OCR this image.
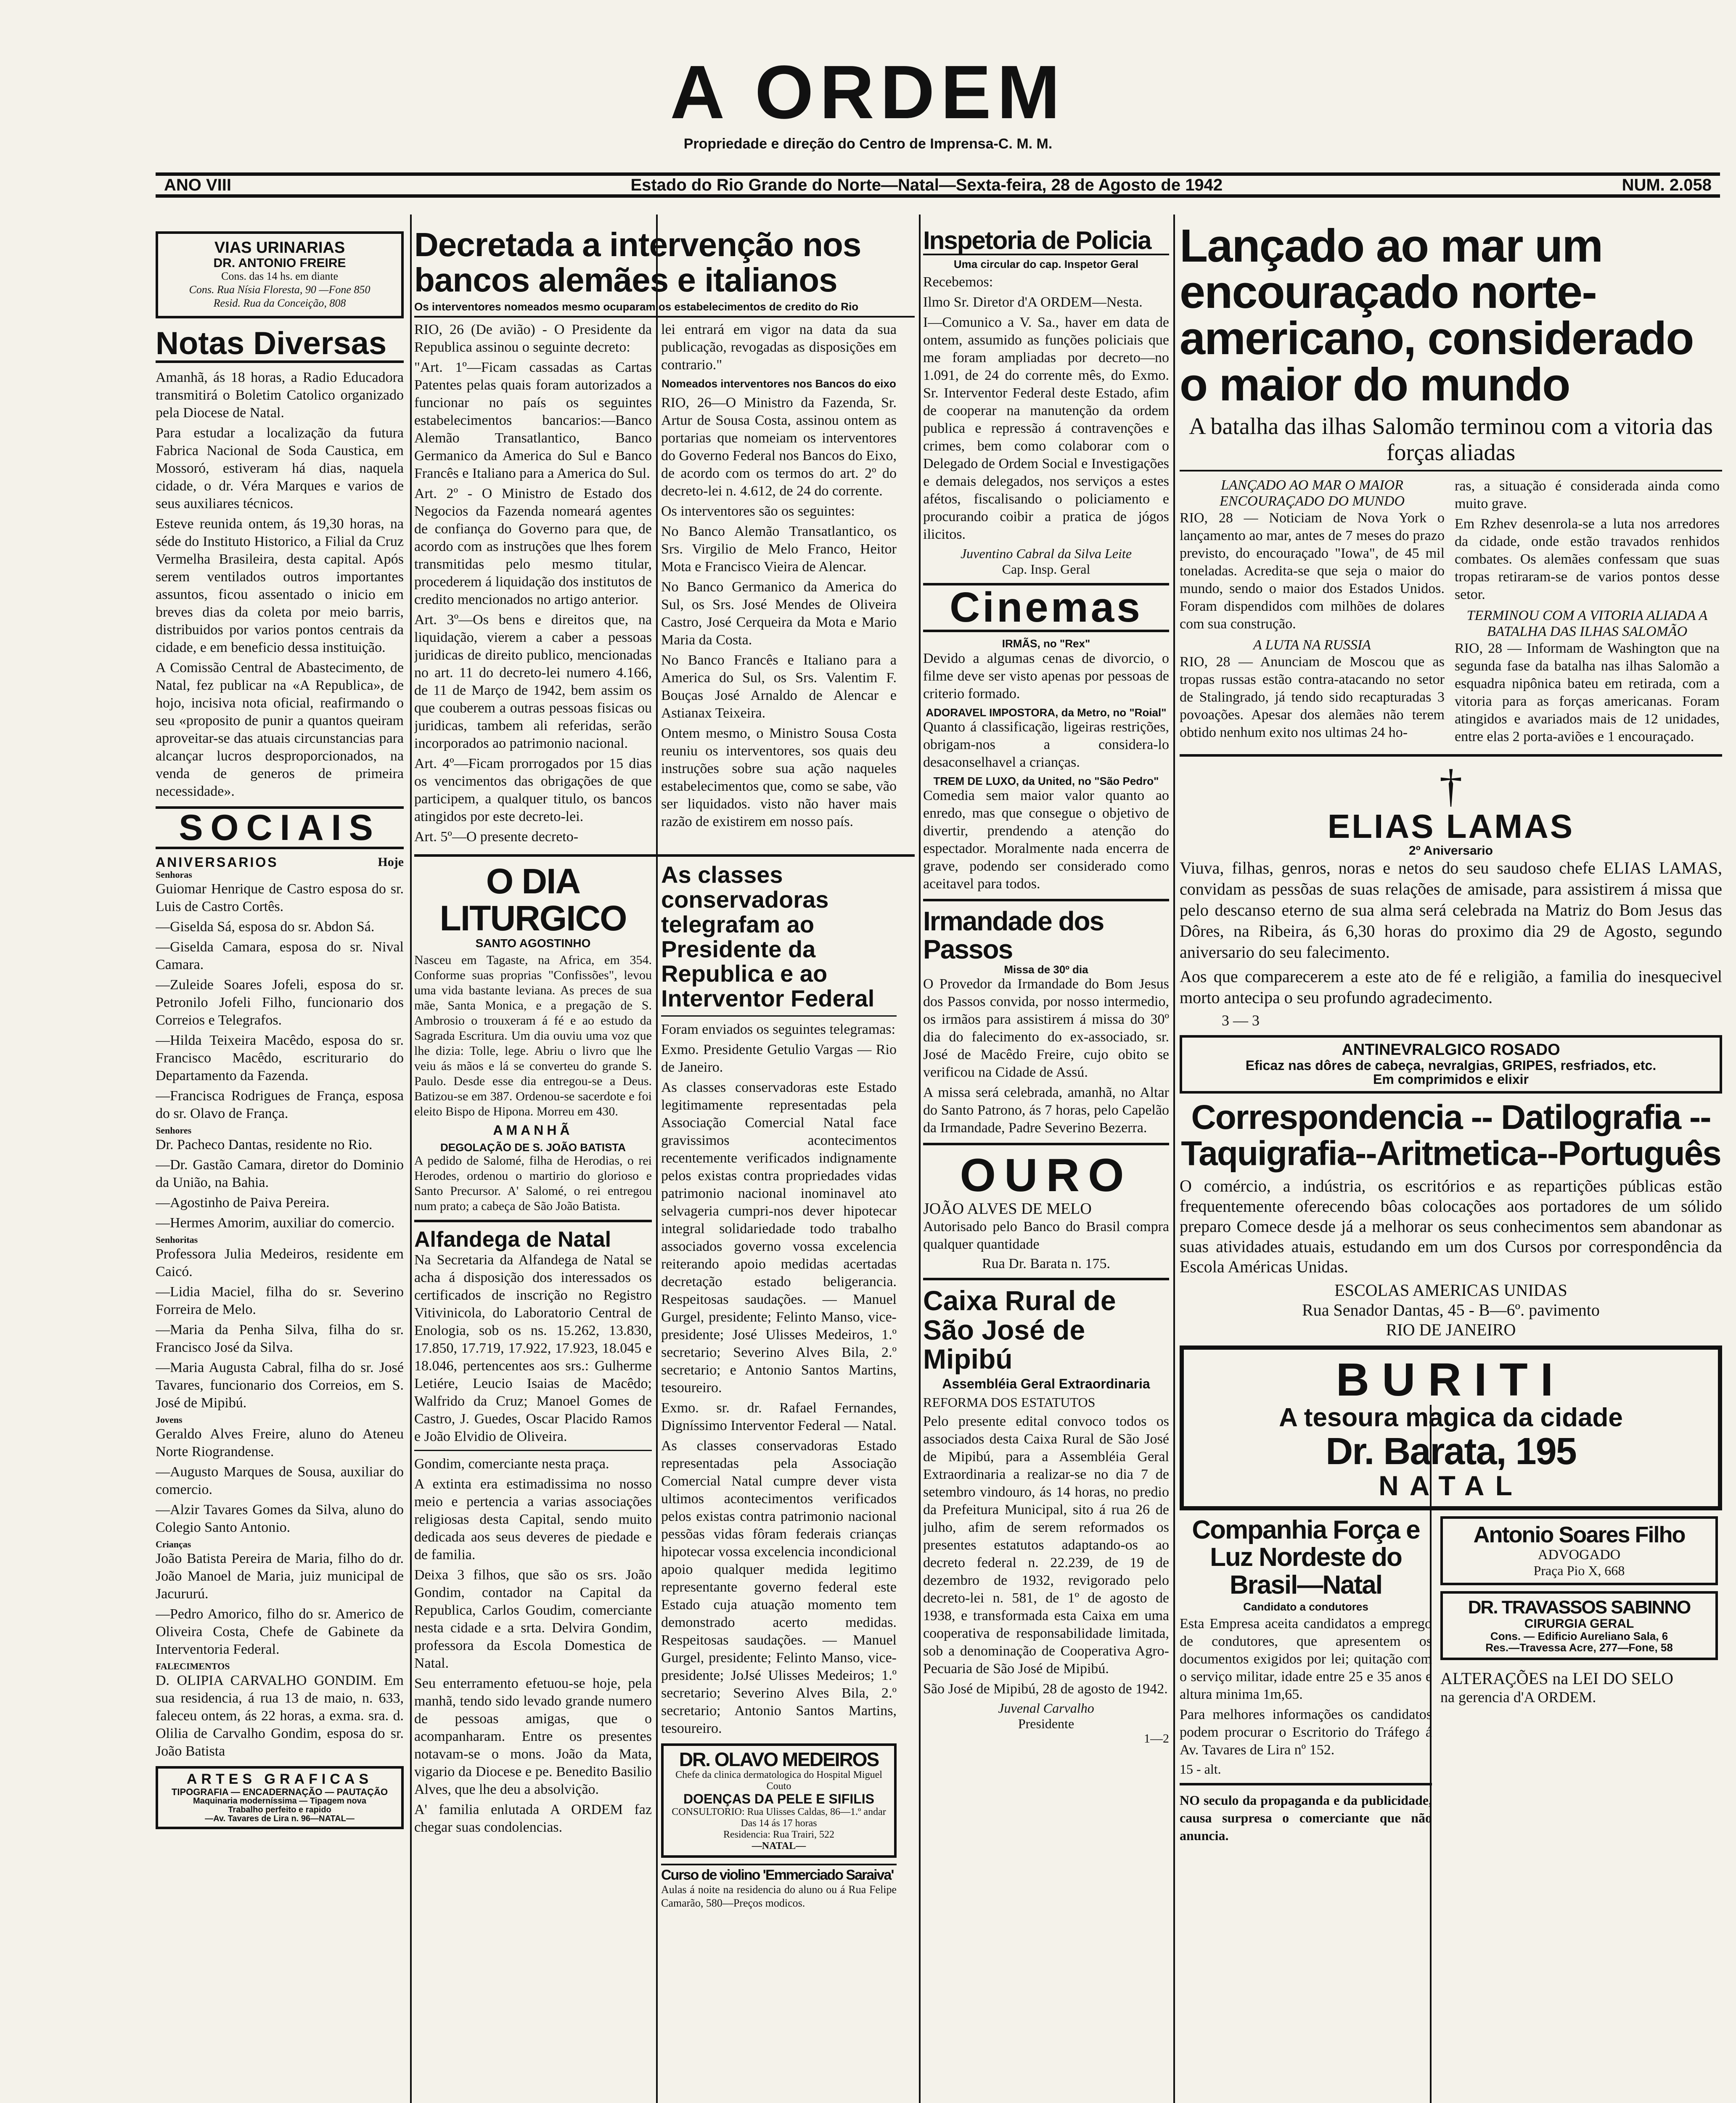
A ORDEM
Propriedade e direção do Centro de Imprensa-C. M. M.
ANO VIII	Estado do Rio Grande do Norte—Natal—Sexta-feira, 28 de Agosto de 1942	NUM. 2.058
VIAS URINARIAS
DR. ANTONIO FREIRE
Cons. das 14 hs. em diante
Cons. Rua Nísia Floresta, 90 —Fone 850
Resid. Rua da Conceição, 808
Notas Diversas

Amanhã, ás 18 horas, a Radio Educadora transmitirá o Boletim Catolico organizado pela Diocese de Natal.

Para estudar a localização da futura Fabrica Nacional de Soda Caustica, em Mossoró, estiveram há dias, naquela cidade, o dr. Véra Marques e varios de seus auxiliares técnicos.

Esteve reunida ontem, ás 19,30 horas, na séde do Instituto Historico, a Filial da Cruz Vermelha Brasileira, desta capital. Após serem ventilados outros importantes assuntos, ficou assentado o inicio em breves dias da coleta por meio barris, distribuidos por varios pontos centrais da cidade, e em beneficio dessa instituição.

A Comissão Central de Abastecimento, de Natal, fez publicar na «A Republica», de hojo, incisiva nota oficial, reafirmando o seu «proposito de punir a quantos queiram aproveitar-se das atuais circunstancias para alcançar lucros desproporcionados, na venda de generos de primeira necessidade».

SOCIAIS
ANIVERSARIOS	Hoje
Senhoras

Guiomar Henrique de Castro esposa do sr. Luis de Castro Cortês.

—Giselda Sá, esposa do sr. Abdon Sá.

—Giselda Camara, esposa do sr. Nival Camara.

—Zuleide Soares Jofeli, esposa do sr. Petronilo Jofeli Filho, funcionario dos Correios e Telegrafos.

—Hilda Teixeira Macêdo, esposa do sr. Francisco Macêdo, escriturario do Departamento da Fazenda.

—Francisca Rodrigues de França, esposa do sr. Olavo de França.

Senhores

Dr. Pacheco Dantas, residente no Rio.

—Dr. Gastão Camara, diretor do Dominio da União, na Bahia.

—Agostinho de Paiva Pereira.

—Hermes Amorim, auxiliar do comercio.

Senhoritas

Professora Julia Medeiros, residente em Caicó.

—Lidia Maciel, filha do sr. Severino Forreira de Melo.

—Maria da Penha Silva, filha do sr. Francisco José da Silva.

—Maria Augusta Cabral, filha do sr. José Tavares, funcionario dos Correios, em S. José de Mipibú.

Jovens

Geraldo Alves Freire, aluno do Ateneu Norte Riograndense.

—Augusto Marques de Sousa, auxiliar do comercio.

—Alzir Tavares Gomes da Silva, aluno do Colegio Santo Antonio.

Crianças

João Batista Pereira de Maria, filho do dr. João Manoel de Maria, juiz municipal de Jacururú.

—Pedro Amorico, filho do sr. Americo de Oliveira Costa, Chefe de Gabinete da Interventoria Federal.

FALECIMENTOS

D. OLIPIA CARVALHO GONDIM. Em sua residencia, á rua 13 de maio, n. 633, faleceu ontem, ás 22 horas, a exma. sra. d. Olilia de Carvalho Gondim, esposa do sr. João Batista

ARTES GRAFICAS
TIPOGRAFIA — ENCADERNAÇÃO — PAUTAÇÃO
Maquinaria moderníssima — Tipagem nova
Trabalho perfeito e rapido
—Av. Tavares de Lira n. 96—NATAL—
Decretada a intervenção nos bancos alemães e italianos
Os interventores nomeados mesmo ocuparam os estabelecimentos de credito do Rio

RIO, 26 (De avião) - O Presidente da Republica assinou o seguinte decreto:

"Art. 1º—Ficam cassadas as Cartas Patentes pelas quais foram autorizados a funcionar no país os seguintes estabelecimentos bancarios:—Banco Alemão Transatlantico, Banco Germanico da America do Sul e Banco Francês e Italiano para a America do Sul.

Art. 2º - O Ministro de Estado dos Negocios da Fazenda nomeará agentes de confiança do Governo para que, de acordo com as instruções que lhes forem transmitidas pelo mesmo titular, procederem á liquidação dos institutos de credito mencionados no artigo anterior.

Art. 3º—Os bens e direitos que, na liquidação, vierem a caber a pessoas juridicas de direito publico, mencionadas no art. 11 do decreto-lei numero 4.166, de 11 de Março de 1942, bem assim os que couberem a outras pessoas fisicas ou juridicas, tambem ali referidas, serão incorporados ao patrimonio nacional.

Art. 4º—Ficam prorrogados por 15 dias os vencimentos das obrigações de que participem, a qualquer titulo, os bancos atingidos por este decreto-lei.

Art. 5º—O presente decreto-

lei entrará em vigor na data da sua publicação, revogadas as disposições em contrario."

Nomeados interventores nos Bancos do eixo

RIO, 26—O Ministro da Fazenda, Sr. Artur de Sousa Costa, assinou ontem as portarias que nomeiam os interventores do Governo Federal nos Bancos do Eixo, de acordo com os termos do art. 2º do decreto-lei n. 4.612, de 24 do corrente.

Os interventores são os seguintes:

No Banco Alemão Transatlantico, os Srs. Virgilio de Melo Franco, Heitor Mota e Francisco Vieira de Alencar.

No Banco Germanico da America do Sul, os Srs. José Mendes de Oliveira Castro, José Cerqueira da Mota e Mario Maria da Costa.

No Banco Francês e Italiano para a America do Sul, os Srs. Valentim F. Bouças José Arnaldo de Alencar e Astianax Teixeira.

Ontem mesmo, o Ministro Sousa Costa reuniu os interventores, sos quais deu instruções sobre sua ação naqueles estabelecimentos que, como se sabe, vão ser liquidados. visto não haver mais razão de existirem em nosso país.

O DIA LITURGICO
SANTO AGOSTINHO

Nasceu em Tagaste, na Africa, em 354. Conforme suas proprias "Confissões", levou uma vida bastante leviana. As preces de sua mãe, Santa Monica, e a pregação de S. Ambrosio o trouxeram á fé e ao estudo da Sagrada Escritura. Um dia ouviu uma voz que lhe dizia: Tolle, lege. Abriu o livro que lhe veiu ás mãos e lá se converteu do grande S. Paulo. Desde esse dia entregou-se a Deus. Batizou-se em 387. Ordenou-se sacerdote e foi eleito Bispo de Hipona. Morreu em 430.

AMANHÃ
DEGOLAÇÃO DE S. JOÃO BATISTA

A pedido de Salomé, filha de Herodias, o rei Herodes, ordenou o martirio do glorioso e Santo Precursor. A' Salomé, o rei entregou num prato; a cabeça de São João Batista.

Alfandega de Natal

Na Secretaria da Alfandega de Natal se acha á disposição dos interessados os certificados de inscrição no Registro Vitivinicola, do Laboratorio Central de Enologia, sob os ns. 15.262, 13.830, 17.850, 17.719, 17.922, 17.923, 18.045 e 18.046, pertencentes aos srs.: Gulherme Letiére, Leucio Isaias de Macêdo; Walfrido da Cruz; Manoel Gomes de Castro, J. Guedes, Oscar Placido Ramos e João Elvidio de Oliveira.

Gondim, comerciante nesta praça.

A extinta era estimadissima no nosso meio e pertencia a varias associações religiosas desta Capital, sendo muito dedicada aos seus deveres de piedade e de familia.

Deixa 3 filhos, que são os srs. João Gondim, contador na Capital da Republica, Carlos Goudim, comerciante nesta cidade e a srta. Delvira Gondim, professora da Escola Domestica de Natal.

Seu enterramento efetuou-se hoje, pela manhã, tendo sido levado grande numero de pessoas amigas, que o acompanharam. Entre os presentes notavam-se o mons. João da Mata, vigario da Diocese e pe. Benedito Basilio Alves, que lhe deu a absolvição.

A' familia enlutada A ORDEM faz chegar suas condolencias.

As classes conservadoras telegrafam ao Presidente da Republica e ao Interventor Federal

Foram enviados os seguintes telegramas:

Exmo. Presidente Getulio Vargas — Rio de Janeiro.

As classes conservadoras este Estado legitimamente representadas pela Associação Comercial Natal face gravissimos acontecimentos recentemente verificados indignamente pelos existas contra propriedades vidas patrimonio nacional inominavel ato selvageria cumpri-nos dever hipotecar integral solidariedade todo trabalho associados governo vossa excelencia reiterando apoio medidas acertadas decretação estado beligerancia. Respeitosas saudações. — Manuel Gurgel, presidente; Felinto Manso, vice-presidente; José Ulisses Medeiros, 1.º secretario; Severino Alves Bila, 2.º secretario; e Antonio Santos Martins, tesoureiro.

Exmo. sr. dr. Rafael Fernandes, Digníssimo Interventor Federal — Natal.

As classes conservadoras Estado representadas pela Associação Comercial Natal cumpre dever vista ultimos acontecimentos verificados pelos existas contra patrimonio nacional pessõas vidas fôram federais crianças hipotecar vossa excelencia incondicional apoio qualquer medida legitimo representante governo federal este Estado cuja atuação momento tem demonstrado acerto medidas. Respeitosas saudações. — Manuel Gurgel, presidente; Felinto Manso, vice-presidente; JoJsé Ulisses Medeiros; 1.º secretario; Severino Alves Bila, 2.º secretario; Antonio Santos Martins, tesoureiro.

DR. OLAVO MEDEIROS
Chefe da clinica dermatologica do Hospital Miguel Couto
DOENÇAS DA PELE E SIFILIS
CONSULTORIO: Rua Ulisses Caldas, 86—1.º andar
Das 14 ás 17 horas
Residencia: Rua Trairi, 522
—NATAL—
Curso de violino 'Emmerciado Saraiva'

Aulas á noite na residencia do aluno ou á Rua Felipe Camarão, 580—Preços modicos.

Inspetoria de Policia
Uma circular do cap. Inspetor Geral

Recebemos:

Ilmo Sr. Diretor d'A ORDEM—Nesta.

I—Comunico a V. Sa., haver em data de ontem, assumido as funções policiais que me foram ampliadas por decreto—no 1.091, de 24 do corrente mês, do Exmo. Sr. Interventor Federal deste Estado, afim de cooperar na manutenção da ordem publica e repressão á contravenções e crimes, bem como colaborar com o Delegado de Ordem Social e Investigações e demais delegados, nos serviços a estes afétos, fiscalisando o policiamento e procurando coibir a pratica de jógos ilicitos.

Juventino Cabral da Silva Leite
Cap. Insp. Geral
Cinemas
IRMÃS, no "Rex"

Devido a algumas cenas de divorcio, o filme deve ser visto apenas por pessoas de criterio formado.

ADORAVEL IMPOSTORA, da Metro, no "Roial"

Quanto á classificação, ligeiras restrições, obrigam-nos a considera-lo desaconselhavel a crianças.

TREM DE LUXO, da United, no "São Pedro"

Comedia sem maior valor quanto ao enredo, mas que consegue o objetivo de divertir, prendendo a atenção do espectador. Moralmente nada encerra de grave, podendo ser considerado como aceitavel para todos.

Irmandade dos Passos
Missa de 30º dia

O Provedor da Irmandade do Bom Jesus dos Passos convida, por nosso intermedio, os irmãos para assistirem á missa do 30º dia do falecimento do ex-associado, sr. José de Macêdo Freire, cujo obito se verificou na Cidade de Assú.

A missa será celebrada, amanhã, no Altar do Santo Patrono, ás 7 horas, pelo Capelão da Irmandade, Padre Severino Bezerra.

OURO
JOÃO ALVES DE MELO

Autorisado pelo Banco do Brasil compra qualquer quantidade

Rua Dr. Barata n. 175.
Caixa Rural de São José de Mipibú
Assembléia Geral Extraordinaria
REFORMA DOS ESTATUTOS

Pelo presente edital convoco todos os associados desta Caixa Rural de São José de Mipibú, para a Assembléia Geral Extraordinaria a realizar-se no dia 7 de setembro vindouro, ás 14 horas, no predio da Prefeitura Municipal, sito á rua 26 de julho, afim de serem reformados os presentes estatutos adaptando-os ao decreto federal n. 22.239, de 19 de dezembro de 1932, revigorado pelo decreto-lei n. 581, de 1º de agosto de 1938, e transformada esta Caixa em uma cooperativa de responsabilidade limitada, sob a denominação de Cooperativa Agro-Pecuaria de São José de Mipibú.

São José de Mipibú, 28 de agosto de 1942.

Juvenal Carvalho
Presidente
1—2
Lançado ao mar um encouraçado norte-americano, considerado o maior do mundo
A batalha das ilhas Salomão terminou com a vitoria das forças aliadas
LANÇADO AO MAR O MAIOR ENCOURAÇADO DO MUNDO

RIO, 28 — Noticiam de Nova York o lançamento ao mar, antes de 7 meses do prazo previsto, do encouraçado "Iowa", de 45 mil toneladas. Acredita-se que seja o maior do mundo, sendo o maior dos Estados Unidos. Foram dispendidos com milhões de dolares com sua construção.

A LUTA NA RUSSIA

RIO, 28 — Anunciam de Moscou que as tropas russas estão contra-atacando no setor de Stalingrado, já tendo sido recapturadas 3 povoações. Apesar dos alemães não terem obtido nenhum exito nos ultimas 24 ho-

ras, a situação é considerada ainda como muito grave.

Em Rzhev desenrola-se a luta nos arredores da cidade, onde estão travados renhidos combates. Os alemães confessam que suas tropas retiraram-se de varios pontos desse setor.

TERMINOU COM A VITORIA ALIADA A BATALHA DAS ILHAS SALOMÃO

RIO, 28 — Informam de Washington que na segunda fase da batalha nas ilhas Salomão a esquadra nipônica bateu em retirada, com a vitoria para as forças americanas. Foram atingidos e avariados mais de 12 unidades, entre elas 2 porta-aviões e 1 encouraçado.

†
ELIAS LAMAS
2º Aniversario

Viuva, filhas, genros, noras e netos do seu saudoso chefe ELIAS LAMAS, convidam as pessõas de suas relações de amisade, para assistirem á missa que pelo descanso eterno de sua alma será celebrada na Matriz do Bom Jesus das Dôres, na Ribeira, ás 6,30 horas do proximo dia 29 de Agosto, segundo aniversario do seu falecimento.

Aos que comparecerem a este ato de fé e religião, a familia do inesquecivel morto antecipa o seu profundo agradecimento.

3 — 3
ANTINEVRALGICO ROSADO
Eficaz nas dôres de cabeça, nevralgias, GRIPES, resfriados, etc.
Em comprimidos e elixir
Correspondencia -- Datilografia -- Taquigrafia--Aritmetica--Português

O comércio, a indústria, os escritórios e as repartições públicas estão frequentemente oferecendo bôas colocações aos portadores de um sólido preparo Comece desde já a melhorar os seus conhecimentos sem abandonar as suas atividades atuais, estudando em um dos Cursos por correspondência da Escola Américas Unidas.

ESCOLAS AMERICAS UNIDAS
Rua Senador Dantas, 45 - B—6º. pavimento
RIO DE JANEIRO
BURITI
A tesoura magica da cidade
Dr. Barata, 195
NATAL
Companhia Força e Luz Nordeste do Brasil—Natal
Candidato a condutores

Esta Empresa aceita candidatos a emprego de condutores, que apresentem os documentos exigidos por lei; quitação com o serviço militar, idade entre 25 e 35 anos e altura minima 1m,65.

Para melhores informações os candidatos podem procurar o Escritorio do Tráfego á Av. Tavares de Lira nº 152.

15 - alt.

NO seculo da propaganda e da publicidade, causa surpresa o comerciante que não anuncia.

Antonio Soares Filho
ADVOGADO
Praça Pio X, 668
DR. TRAVASSOS SABINNO
CIRURGIA GERAL
Cons. — Edificio Aureliano Sala, 6
Res.—Travessa Acre, 277—Fone, 58
ALTERAÇÕES na LEI DO SELO
na gerencia d'A ORDEM.
